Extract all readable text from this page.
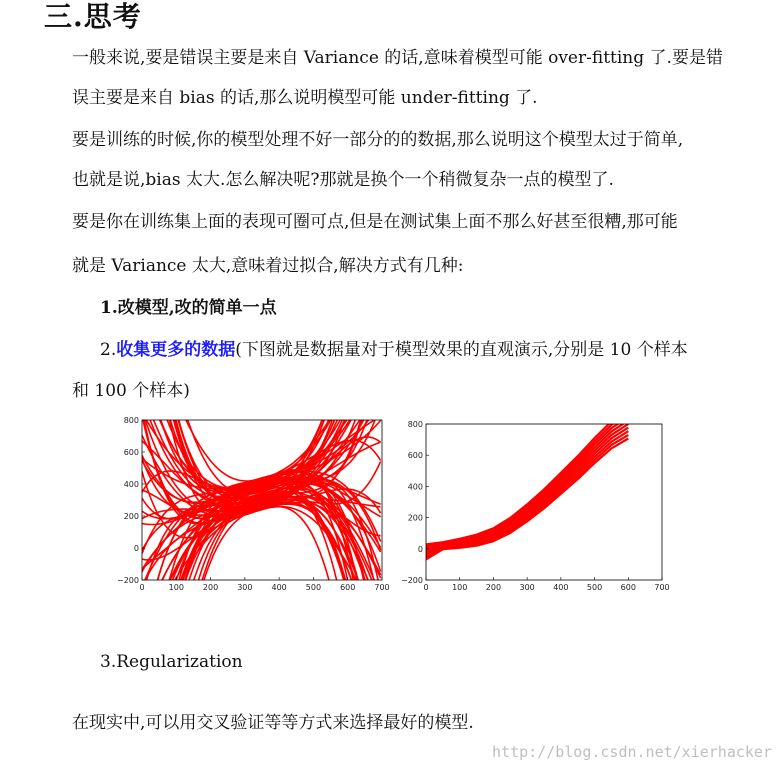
三.思考

一般来说,要是错误主要是来自 Variance 的话,意味着模型可能 over-fitting 了.要是错

误主要是来自 bias 的话,那么说明模型可能 under-fitting 了.

要是训练的时候,你的模型处理不好一部分的的数据,那么说明这个模型太过于简单,

也就是说,bias 太大.怎么解决呢?那就是换个一个稍微复杂一点的模型了.

要是你在训练集上面的表现可圈可点,但是在测试集上面不那么好甚至很糟,那可能

就是 Variance 太大,意味着过拟合,解决方式有几种:

1.改模型,改的简单一点

2.收集更多的数据(下图就是数据量对于模型效果的直观演示,分别是 10 个样本

和 100 个样本)

0	100 200 300 400 500 600 700
800
600
400
200
0
−200
0	100 200 300 400 500 600 700
800
600
400
200
0
−200

3.Regularization

在现实中,可以用交叉验证等等方式来选择最好的模型.

http://blog.csdn.net/xierhacker
